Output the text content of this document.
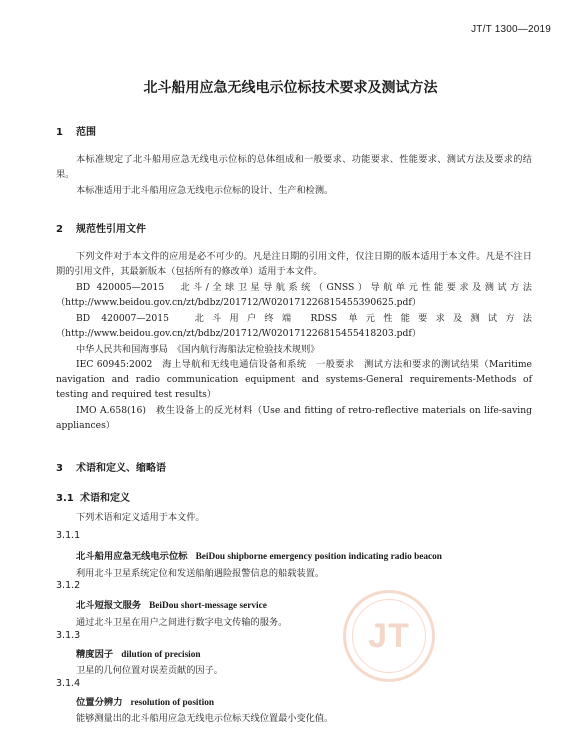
JT/T 1300—2019
北斗船用应急无线电示位标技术要求及测试方法
1 范围

本标准规定了北斗船用应急无线电示位标的总体组成和一般要求、功能要求、性能要求、测试方法及要求的结果。

本标准适用于北斗船用应急无线电示位标的设计、生产和检测。

2 规范性引用文件

下列文件对于本文件的应用是必不可少的。凡是注日期的引用文件，仅注日期的版本适用于本文件。凡是不注日期的引用文件，其最新版本（包括所有的修改单）适用于本文件。

BD 420005—2015　北斗/全球卫星导航系统（GNSS）导航单元性能要求及测试方法（http://www.beidou.gov.cn/zt/bdbz/201712/W020171226815455390625.pdf）

BD 420007—2015　北斗用户终端 RDSS 单元性能要求及测试方法（http://www.beidou.gov.cn/zt/bdbz/201712/W020171226815455418203.pdf）

中华人民共和国海事局　《国内航行海船法定检验技术规则》

IEC 60945:2002　海上导航和无线电通信设备和系统　一般要求　测试方法和要求的测试结果（Maritime navigation and radio communication equipment and systems-General requirements-Methods of testing and required test results）

IMO A.658(16)　救生设备上的反光材料（Use and fitting of retro-reflective materials on life-saving appliances）

3 术语和定义、缩略语
3.1 术语和定义

下列术语和定义适用于本文件。

3.1.1
北斗船用应急无线电示位标 BeiDou shipborne emergency position indicating radio beacon
利用北斗卫星系统定位和发送船舶遇险报警信息的船载装置。
3.1.2
北斗短报文服务 BeiDou short-message service
通过北斗卫星在用户之间进行数字电文传输的服务。
3.1.3
精度因子 dilution of precision
卫星的几何位置对误差贡献的因子。
3.1.4
位置分辨力 resolution of position
能够测量出的北斗船用应急无线电示位标天线位置最小变化值。
JT
